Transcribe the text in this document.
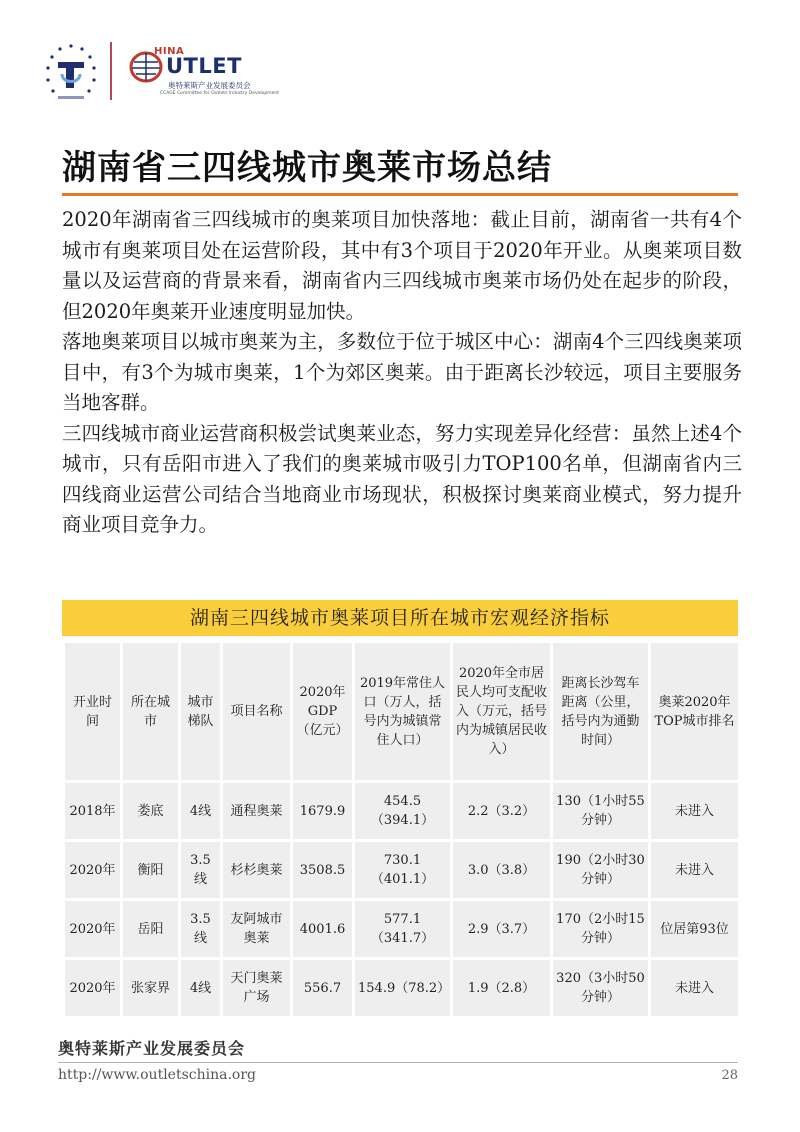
HINA
UTLET
奥特莱斯产业发展委员会
CCAGE Committee for Outlets Industry Development
湖南省三四线城市奥莱市场总结

2020年湖南省三四线城市的奥莱项目加快落地：截止目前，湖南省一共有4个城市有奥莱项目处在运营阶段，其中有3个项目于2020年开业。从奥莱项目数量以及运营商的背景来看，湖南省内三四线城市奥莱市场仍处在起步的阶段，但2020年奥莱开业速度明显加快。

落地奥莱项目以城市奥莱为主，多数位于位于城区中心：湖南4个三四线奥莱项目中，有3个为城市奥莱，1个为郊区奥莱。由于距离长沙较远，项目主要服务当地客群。

三四线城市商业运营商积极尝试奥莱业态，努力实现差异化经营：虽然上述4个城市，只有岳阳市进入了我们的奥莱城市吸引力TOP100名单，但湖南省内三四线商业运营公司结合当地商业市场现状，积极探讨奥莱商业模式，努力提升商业项目竞争力。

湖南三四线城市奥莱项目所在城市宏观经济指标
开业时间	所在城市	城市梯队	项目名称	2020年GDP（亿元）	2019年常住人口（万人，括号内为城镇常住人口）	2020年全市居民人均可支配收入（万元，括号内为城镇居民收入）	距离长沙驾车距离（公里，括号内为通勤时间）	奥莱2020年TOP城市排名
2018年	娄底	4线	通程奥莱	1679.9	454.5（394.1）	2.2（3.2）	130（1小时55分钟）	未进入
2020年	衡阳	3.5线	杉杉奥莱	3508.5	730.1（401.1）	3.0（3.8）	190（2小时30分钟）	未进入
2020年	岳阳	3.5线	友阿城市奥莱	4001.6	577.1（341.7）	2.9（3.7）	170（2小时15分钟）	位居第93位
2020年	张家界	4线	天门奥莱广场	556.7	154.9（78.2）	1.9（2.8）	320（3小时50分钟）	未进入
奥特莱斯产业发展委员会
http://www.outletschina.org	28
